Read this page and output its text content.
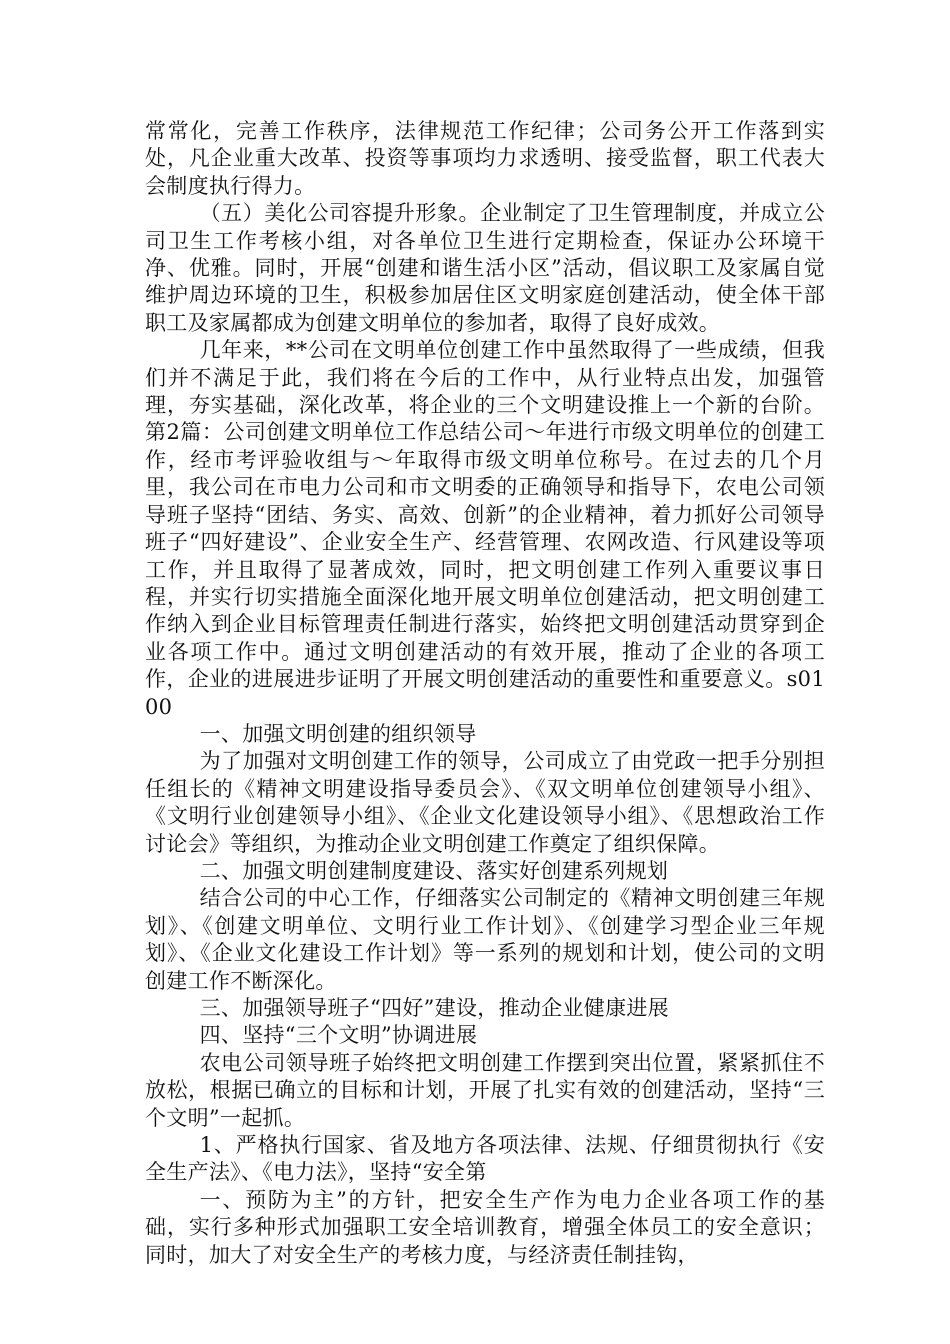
常常化，完善工作秩序，法律规范工作纪律；公司务公开工作落到实处，凡企业重大改革、投资等事项均力求透明、接受监督，职工代表大会制度执行得力。

（五）美化公司容提升形象。企业制定了卫生管理制度，并成立公司卫生工作考核小组，对各单位卫生进行定期检查，保证办公环境干净、优雅。同时，开展“创建和谐生活小区”活动，倡议职工及家属自觉维护周边环境的卫生，积极参加居住区文明家庭创建活动，使全体干部职工及家属都成为创建文明单位的参加者，取得了良好成效。

几年来，**公司在文明单位创建工作中虽然取得了一些成绩，但我们并不满足于此，我们将在今后的工作中，从行业特点出发，加强管理，夯实基础，深化改革，将企业的三个文明建设推上一个新的台阶。第2篇：公司创建文明单位工作总结公司～年进行市级文明单位的创建工作，经市考评验收组与～年取得市级文明单位称号。在过去的几个月里，我公司在市电力公司和市文明委的正确领导和指导下，农电公司领导班子坚持“团结、务实、高效、创新”的企业精神，着力抓好公司领导班子“四好建设”、企业安全生产、经营管理、农网改造、行风建设等项工作，并且取得了显著成效，同时，把文明创建工作列入重要议事日程，并实行切实措施全面深化地开展文明单位创建活动，把文明创建工作纳入到企业目标管理责任制进行落实，始终把文明创建活动贯穿到企业各项工作中。通过文明创建活动的有效开展，推动了企业的各项工作，企业的进展进步证明了开展文明创建活动的重要性和重要意义。s0100

一、加强文明创建的组织领导

为了加强对文明创建工作的领导，公司成立了由党政一把手分别担任组长的《精神文明建设指导委员会》、《双文明单位创建领导小组》、《文明行业创建领导小组》、《企业文化建设领导小组》、《思想政治工作讨论会》等组织，为推动企业文明创建工作奠定了组织保障。

二、加强文明创建制度建设、落实好创建系列规划

结合公司的中心工作，仔细落实公司制定的《精神文明创建三年规划》、《创建文明单位、文明行业工作计划》、《创建学习型企业三年规划》、《企业文化建设工作计划》等一系列的规划和计划，使公司的文明创建工作不断深化。

三、加强领导班子“四好”建设，推动企业健康进展

四、坚持“三个文明”协调进展

农电公司领导班子始终把文明创建工作摆到突出位置，紧紧抓住不放松，根据已确立的目标和计划，开展了扎实有效的创建活动，坚持“三个文明”一起抓。

1、严格执行国家、省及地方各项法律、法规、仔细贯彻执行《安全生产法》、《电力法》，坚持“安全第

一、预防为主”的方针，把安全生产作为电力企业各项工作的基础，实行多种形式加强职工安全培训教育，增强全体员工的安全意识；同时，加大了对安全生产的考核力度，与经济责任制挂钩，
